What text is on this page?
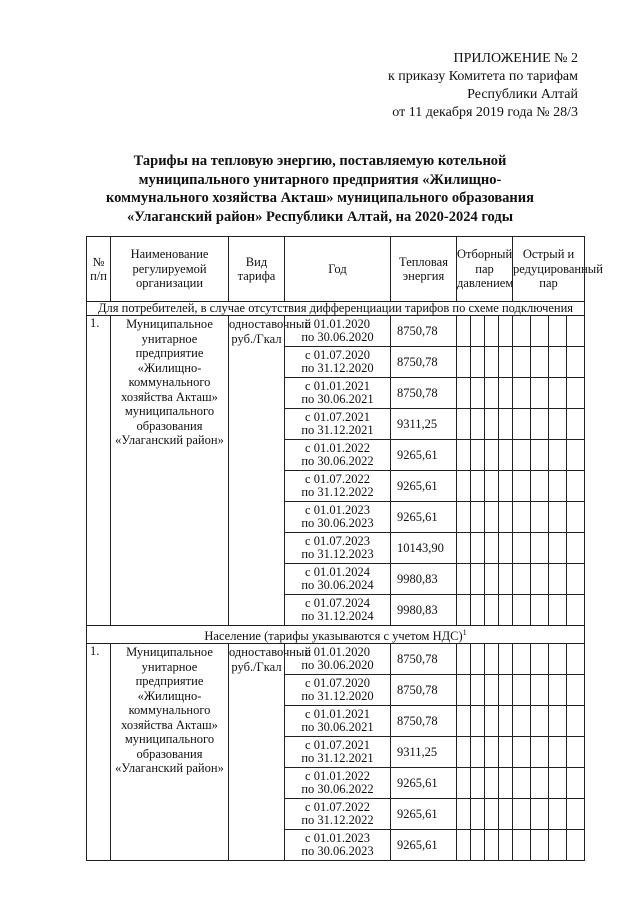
ПРИЛОЖЕНИЕ № 2
к приказу Комитета по тарифам
Республики Алтай
от 11 декабря 2019 года № 28/3
Тарифы на тепловую энергию, поставляемую котельной
муниципального унитарного предприятия «Жилищно-
коммунального хозяйства Акташ» муниципального образования
«Улаганский район» Республики Алтай, на 2020-2024 годы
№ п/п	Наименование регулируемой организации	Вид тарифа	Год	Тепловая энергия	Отборный пар давлением				Острый и редуцированный пар			
Для потребителей, в случае отсутствия дифференциации тарифов по схеме подключения												
1.	Муниципальное унитарное предприятие «Жилищно-коммунального хозяйства Акташ» муниципального образования «Улаганский район»	одноставочный руб./Гкал	с 01.01.2020
по 30.06.2020	8750,78								

			с 01.07.2020
по 31.12.2020	8750,78								

			с 01.01.2021
по 30.06.2021	8750,78								

			с 01.07.2021
по 31.12.2021	9311,25								

			с 01.01.2022
по 30.06.2022	9265,61								

			с 01.07.2022
по 31.12.2022	9265,61								

			с 01.01.2023
по 30.06.2023	9265,61								

			с 01.07.2023
по 31.12.2023	10143,90								

			с 01.01.2024
по 30.06.2024	9980,83								

			с 01.07.2024
по 31.12.2024	9980,83								
Население (тарифы указываются с учетом НДС)$^1$
1.	Муниципальное унитарное предприятие «Жилищно-коммунального хозяйства Акташ» муниципального образования «Улаганский район»	одноставочный руб./Гкал	с 01.01.2020
по 30.06.2020	8750,78								

			с 01.07.2020
по 31.12.2020	8750,78								

			с 01.01.2021
по 30.06.2021	8750,78								

			с 01.07.2021
по 31.12.2021	9311,25								

			с 01.01.2022
по 30.06.2022	9265,61								

			с 01.07.2022
по 31.12.2022	9265,61								

			с 01.01.2023
по 30.06.2023	9265,61								
